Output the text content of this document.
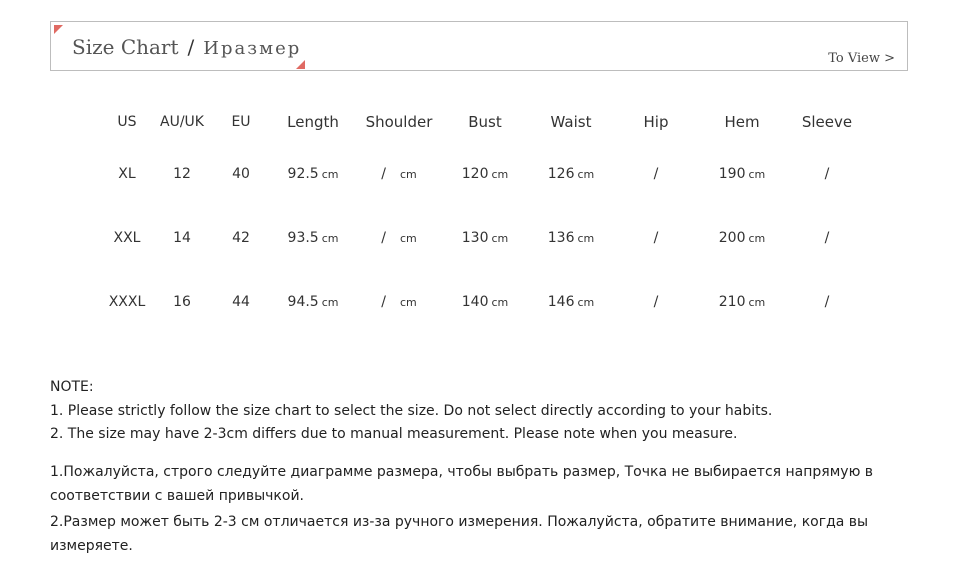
Size Chart / Иразмер	To View >
US	AU/UK	EU	Length	Shoulder	Bust	Waist	Hip	Hem	Sleeve
XL	12	40	92.5 cm	/ cm	120 cm	126 cm	/	190 cm	/
XXL	14	42	93.5 cm	/ cm	130 cm	136 cm	/	200 cm	/
XXXL	16	44	94.5 cm	/ cm	140 cm	146 cm	/	210 cm	/
NOTE:
1. Please strictly follow the size chart to select the size. Do not select directly according to your habits.
2. The size may have 2-3cm differs due to manual measurement. Please note when you measure.
1.Пожалуйста, строго следуйте диаграмме размера, чтобы выбрать размер, Точка не выбирается напрямую в соответствии с вашей привычкой.
2.Размер может быть 2-3 см отличается из-за ручного измерения. Пожалуйста, обратите внимание, когда вы измеряете.
